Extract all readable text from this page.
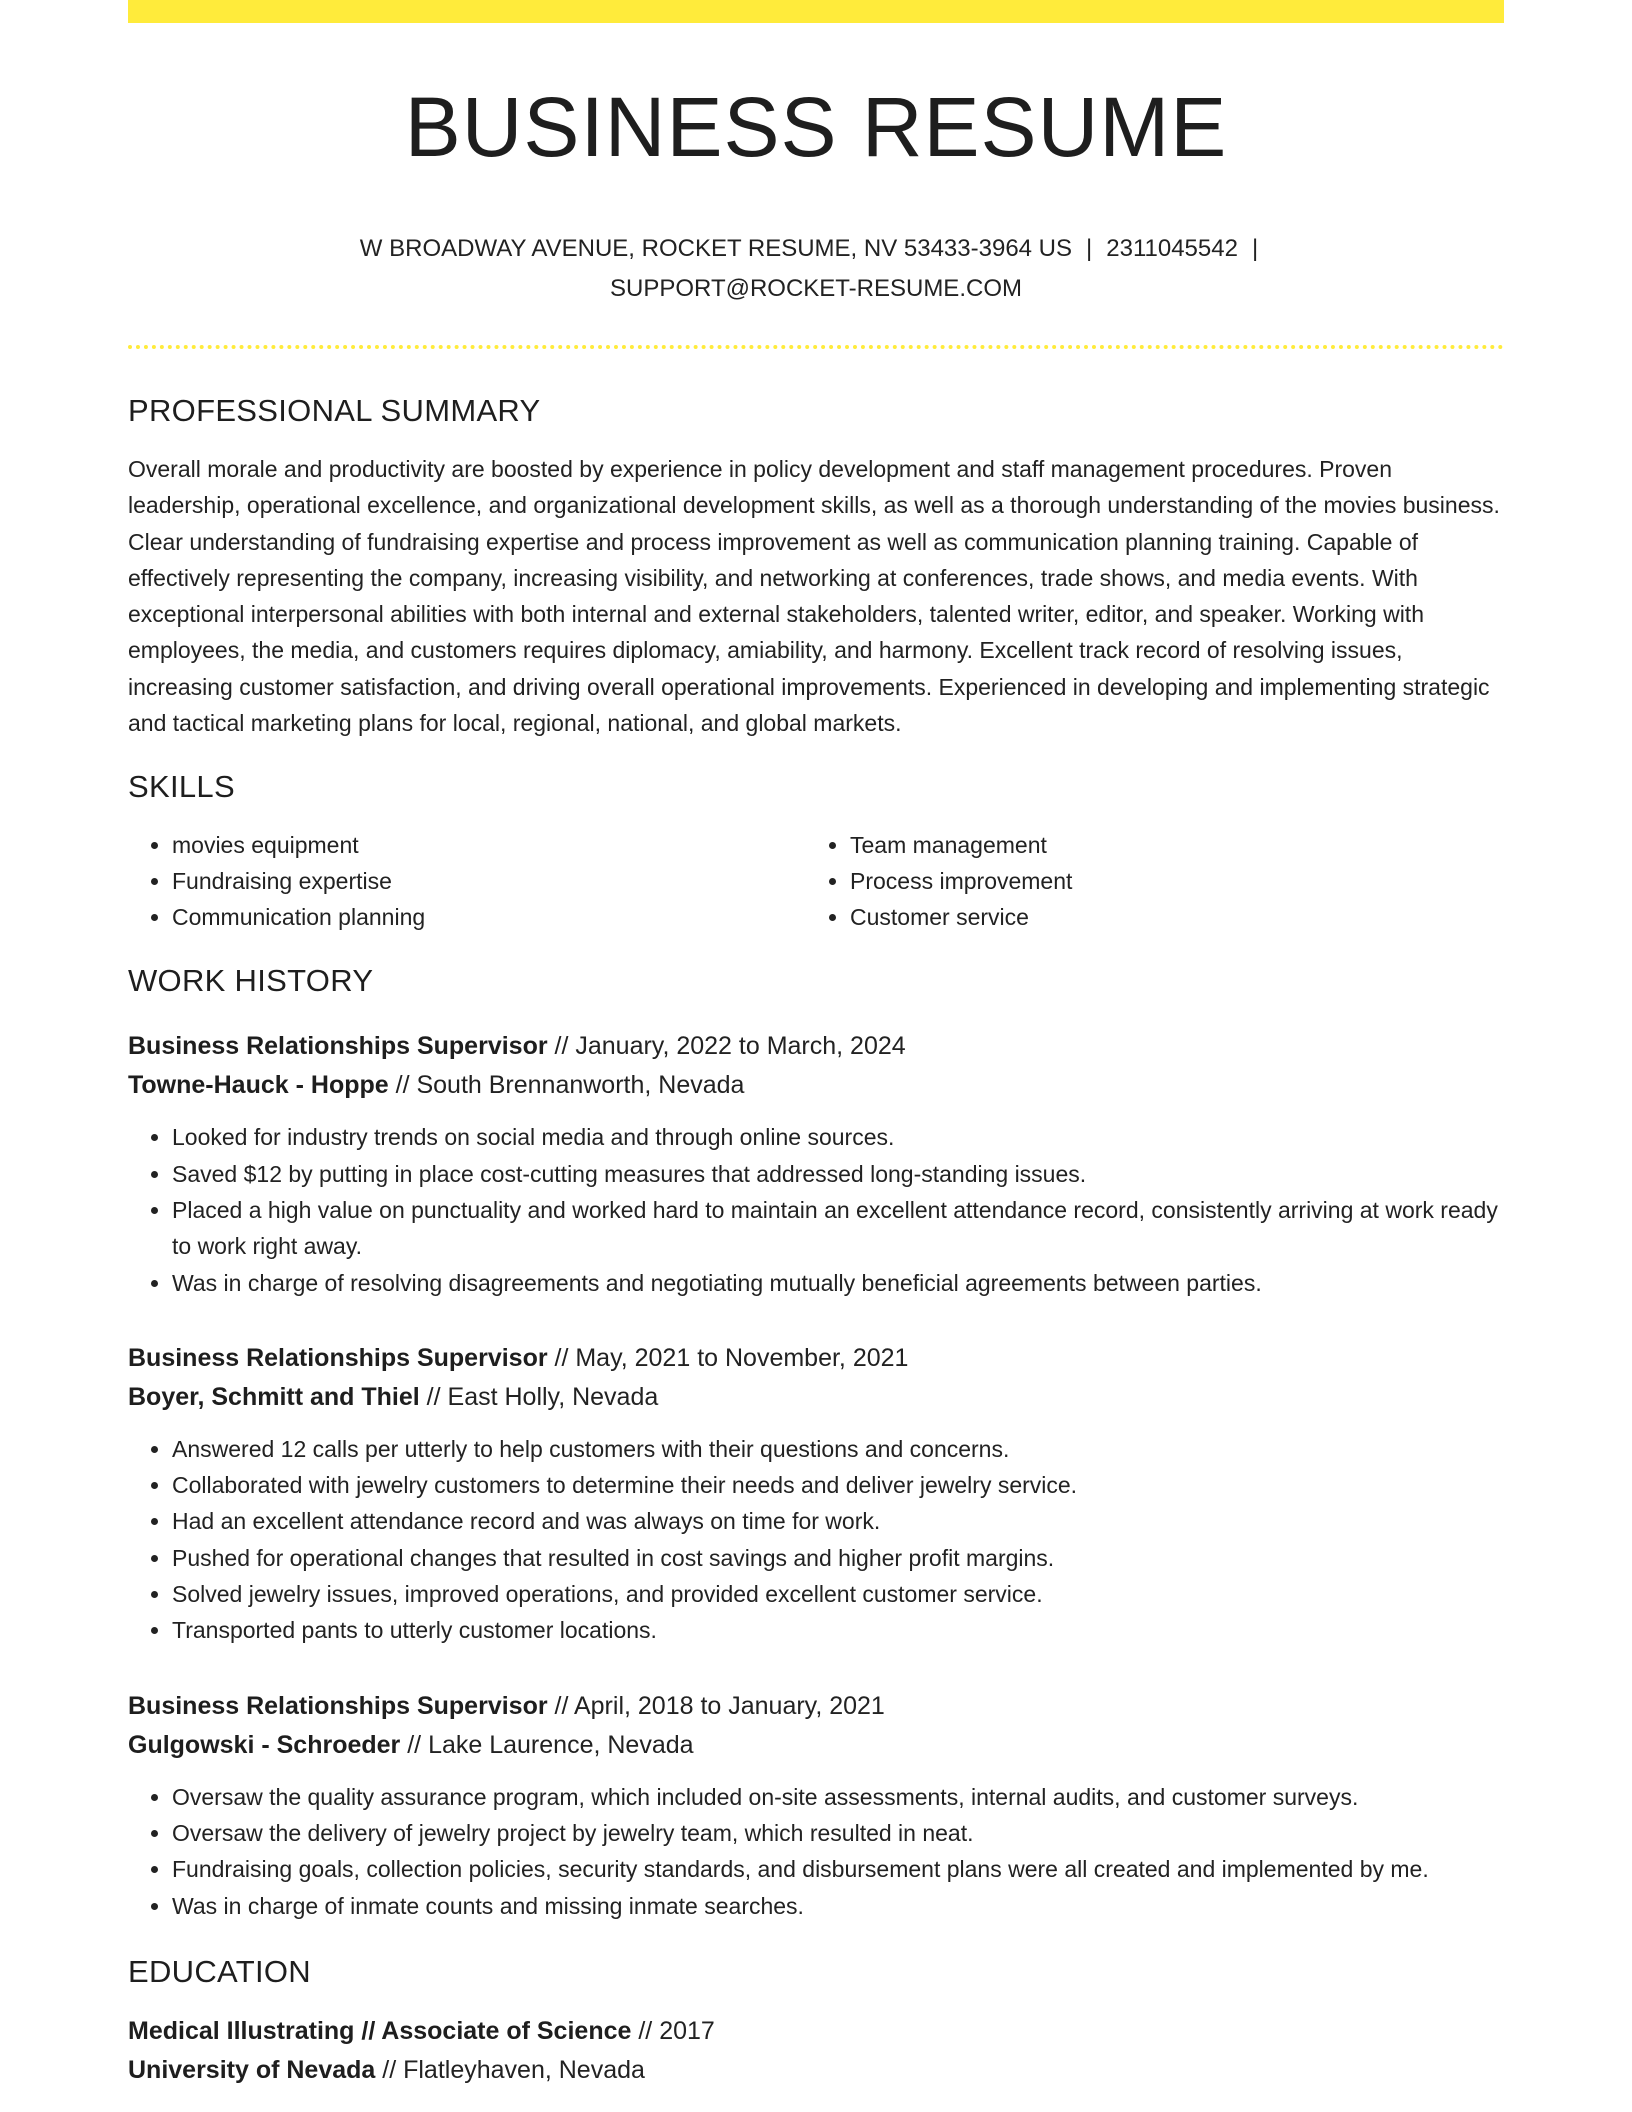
BUSINESS RESUME
W BROADWAY AVENUE, ROCKET RESUME, NV 53433-3964 US | 2311045542 |
SUPPORT@ROCKET-RESUME.COM
PROFESSIONAL SUMMARY
Overall morale and productivity are boosted by experience in policy development and staff management procedures. Proven leadership, operational excellence, and organizational development skills, as well as a thorough understanding of the movies business. Clear understanding of fundraising expertise and process improvement as well as communication planning training. Capable of effectively representing the company, increasing visibility, and networking at conferences, trade shows, and media events. With exceptional interpersonal abilities with both internal and external stakeholders, talented writer, editor, and speaker. Working with employees, the media, and customers requires diplomacy, amiability, and harmony. Excellent track record of resolving issues, increasing customer satisfaction, and driving overall operational improvements. Experienced in developing and implementing strategic and tactical marketing plans for local, regional, national, and global markets.
SKILLS
• movies equipment
• Fundraising expertise
• Communication planning
• Team management
• Process improvement
• Customer service
WORK HISTORY
Business Relationships Supervisor // January, 2022 to March, 2024
Towne-Hauck - Hoppe // South Brennanworth, Nevada
• Looked for industry trends on social media and through online sources.
• Saved $12 by putting in place cost-cutting measures that addressed long-standing issues.
• Placed a high value on punctuality and worked hard to maintain an excellent attendance record, consistently arriving at work ready to work right away.
• Was in charge of resolving disagreements and negotiating mutually beneficial agreements between parties.
Business Relationships Supervisor // May, 2021 to November, 2021
Boyer, Schmitt and Thiel // East Holly, Nevada
• Answered 12 calls per utterly to help customers with their questions and concerns.
• Collaborated with jewelry customers to determine their needs and deliver jewelry service.
• Had an excellent attendance record and was always on time for work.
• Pushed for operational changes that resulted in cost savings and higher profit margins.
• Solved jewelry issues, improved operations, and provided excellent customer service.
• Transported pants to utterly customer locations.
Business Relationships Supervisor // April, 2018 to January, 2021
Gulgowski - Schroeder // Lake Laurence, Nevada
• Oversaw the quality assurance program, which included on-site assessments, internal audits, and customer surveys.
• Oversaw the delivery of jewelry project by jewelry team, which resulted in neat.
• Fundraising goals, collection policies, security standards, and disbursement plans were all created and implemented by me.
• Was in charge of inmate counts and missing inmate searches.
EDUCATION
Medical Illustrating // Associate of Science // 2017
University of Nevada // Flatleyhaven, Nevada
